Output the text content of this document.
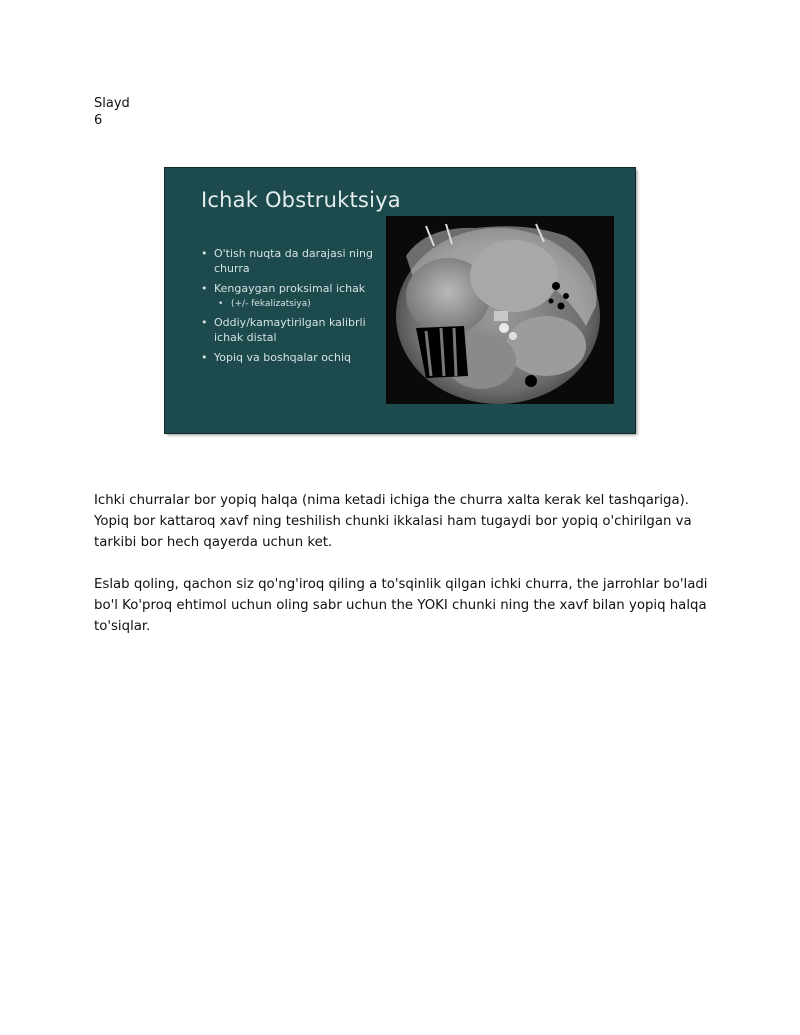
Slayd
6
Ichak Obstruktsiya
• O'tish nuqta da darajasi ning churra
• Kengaygan proksimal ichak
• (+/- fekalizatsiya)
• Oddiy/kamaytirilgan kalibrli ichak distal
• Yopiq va boshqalar ochiq

Ichki churralar bor yopiq halqa (nima ketadi ichiga the churra xalta kerak kel tashqariga). Yopiq bor kattaroq xavf ning teshilish chunki ikkalasi ham tugaydi bor yopiq o'chirilgan va tarkibi bor hech qayerda uchun ket.

Eslab qoling, qachon siz qo'ng'iroq qiling a to'sqinlik qilgan ichki churra, the jarrohlar bo'ladi bo'l Ko'proq ehtimol uchun oling sabr uchun the YOKI chunki ning the xavf bilan yopiq halqa to'siqlar.
